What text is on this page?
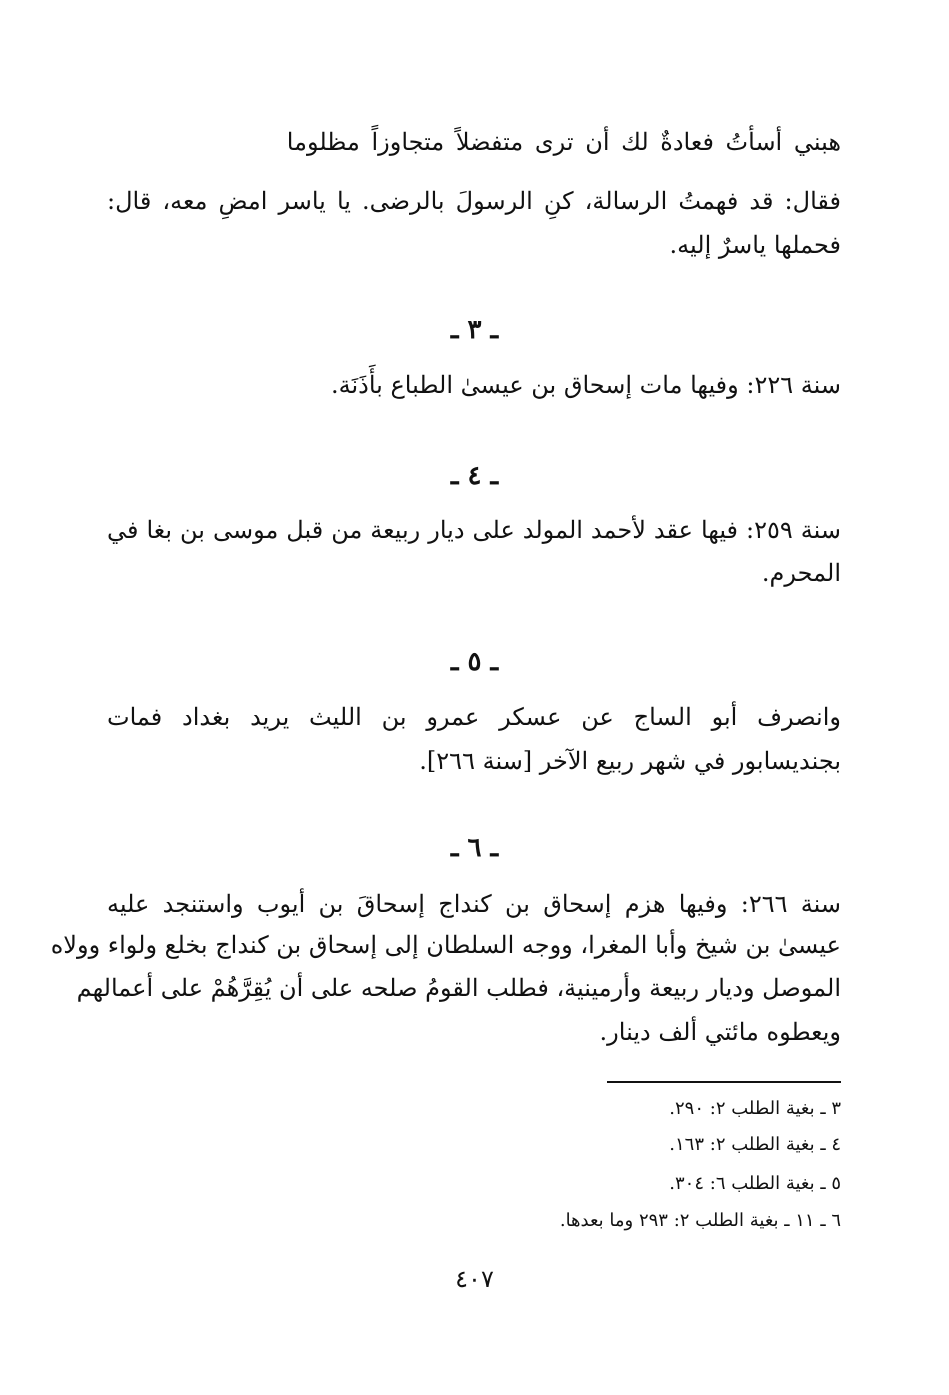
هبني أسأتُ فعادةٌ لك أن ترى متفضلاً متجاوزاً مظلوما
فقال: قد فهمتُ الرسالة، كنِ الرسولَ بالرضى. يا ياسر امضِ معه، قال:
فحملها ياسرٌ إليه.
ـ ٣ ـ
سنة ٢٢٦: وفيها مات إسحاق بن عيسىٰ الطباع بأَذَنَة.
ـ ٤ ـ
سنة ٢٥٩: فيها عقد لأحمد المولد على ديار ربيعة من قبل موسى بن بغا في
المحرم.
ـ ٥ ـ
وانصرف أبو الساج عن عسكر عمرو بن الليث يريد بغداد فمات
بجنديسابور في شهر ربيع الآخر [سنة ٢٦٦].
ـ ٦ ـ
سنة ٢٦٦: وفيها هزم إسحاق بن كنداج إسحاقَ بن أيوب واستنجد عليه
عيسىٰ بن شيخ وأبا المغرا، ووجه السلطان إلى إسحاق بن كنداج بخلع ولواء وولاه
الموصل وديار ربيعة وأرمينية، فطلب القومُ صلحه على أن يُقِرَّهُمْ على أعمالهم
ويعطوه مائتي ألف دينار.
٣ ـ بغية الطلب ٢: ٢٩٠.
٤ ـ بغية الطلب ٢: ١٦٣.
٥ ـ بغية الطلب ٦: ٣٠٤.
٦ ـ ١١ ـ بغية الطلب ٢: ٢٩٣ وما بعدها.
٤٠٧
